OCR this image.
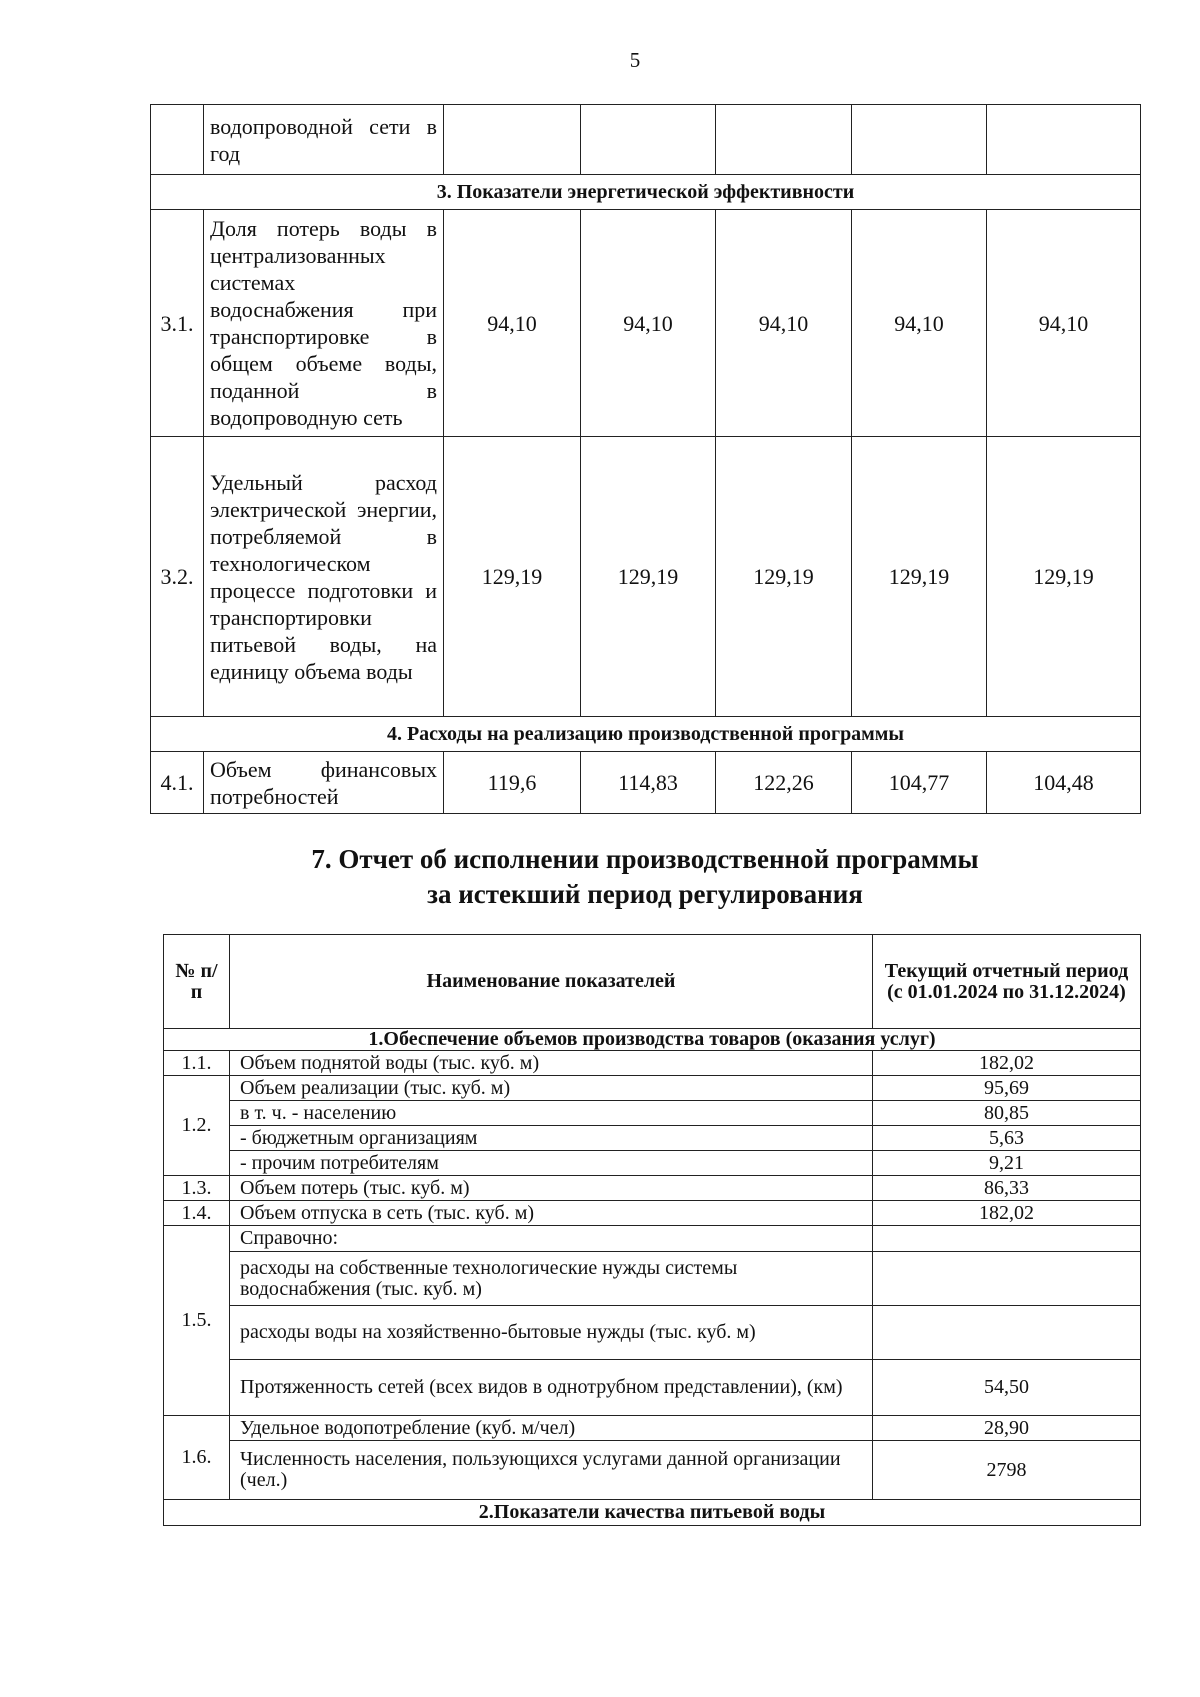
5
	водопроводной сети в год					
3. Показатели энергетической эффективности						
3.1.	Доля потерь воды в централизованных системах водоснабжения при транспортировке в общем объеме воды, поданной в водопроводную сеть	94,10	94,10	94,10	94,10	94,10
3.2.	Удельный расход электрической энергии, потребляемой в технологическом процессе подготовки и транспортировки питьевой воды, на единицу объема воды	129,19	129,19	129,19	129,19	129,19
4. Расходы на реализацию производственной программы						
4.1.	Объем финансовых потребностей	119,6	114,83	122,26	104,77	104,48
7. Отчет об исполнении производственной программы
за истекший период регулирования
№ п/п	Наименование показателей	Текущий отчетный период (с 01.01.2024 по 31.12.2024)
1.Обеспечение объемов производства товаров (оказания услуг)		
1.1.	Объем поднятой воды (тыс. куб. м)	182,02
1.2.	Объем реализации (тыс. куб. м)	95,69
	в т. ч. - населению	80,85
	- бюджетным организациям	5,63
	- прочим потребителям	9,21
1.3.	Объем потерь (тыс. куб. м)	86,33
1.4.	Объем отпуска в сеть (тыс. куб. м)	182,02
1.5.	Справочно:	
	расходы на собственные технологические нужды системы водоснабжения (тыс. куб. м)	
	расходы воды на хозяйственно-бытовые нужды (тыс. куб. м)	
	Протяженность сетей (всех видов в однотрубном представлении), (км)	54,50
1.6.	Удельное водопотребление (куб. м/чел)	28,90
	Численность населения, пользующихся услугами данной организации (чел.)	2798
2.Показатели качества питьевой воды		
